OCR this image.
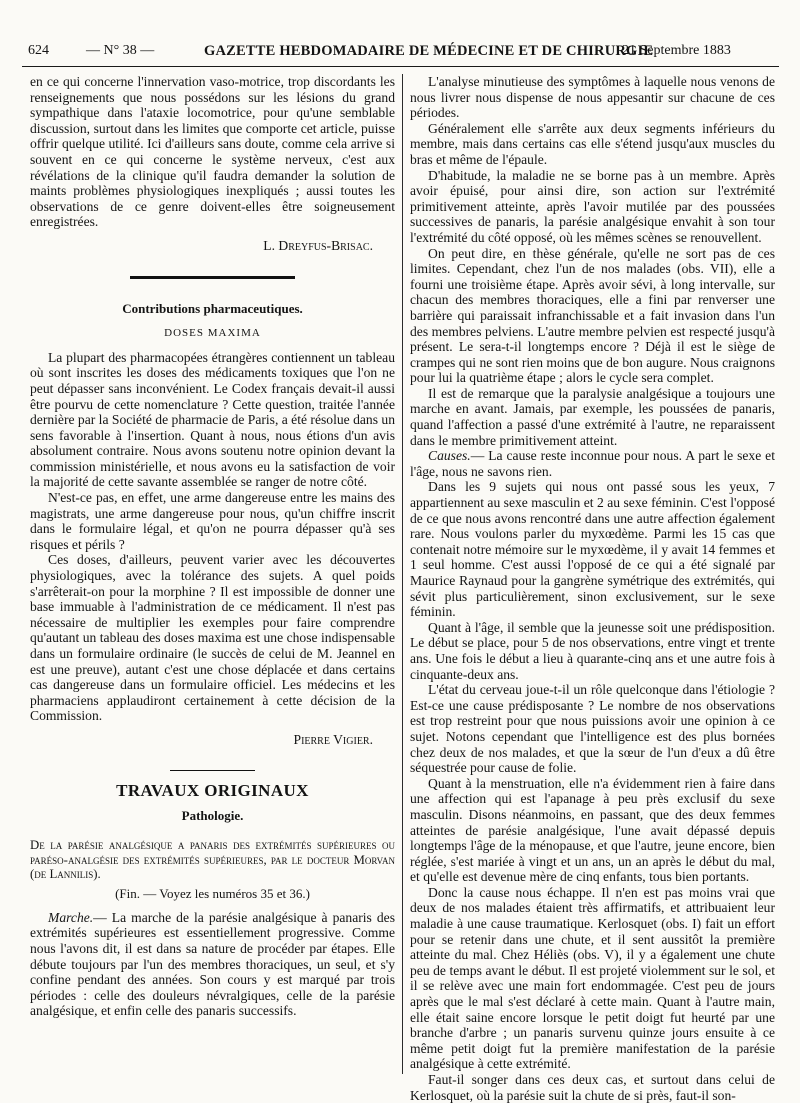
624	— N° 38 —	GAZETTE HEBDOMADAIRE DE MÉDECINE ET DE CHIRURGIE
21 Septembre 1883

en ce qui concerne l'innervation vaso-motrice, trop discordants les renseignements que nous possédons sur les lésions du grand sympathique dans l'ataxie locomotrice, pour qu'une semblable discussion, surtout dans les limites que comporte cet article, puisse offrir quelque utilité. Ici d'ailleurs sans doute, comme cela arrive si souvent en ce qui concerne le système nerveux, c'est aux révélations de la clinique qu'il faudra demander la solution de maints problèmes physiologiques inexpliqués ; aussi toutes les observations de ce genre doivent-elles être soigneusement enregistrées.

L. Dreyfus-Brisac.

Contributions pharmaceutiques.
DOSES MAXIMA

La plupart des pharmacopées étrangères contiennent un tableau où sont inscrites les doses des médicaments toxiques que l'on ne peut dépasser sans inconvénient. Le Codex français devait-il aussi être pourvu de cette nomenclature ? Cette question, traitée l'année dernière par la Société de pharmacie de Paris, a été résolue dans un sens favorable à l'insertion. Quant à nous, nous étions d'un avis absolument contraire. Nous avons soutenu notre opinion devant la commission ministérielle, et nous avons eu la satisfaction de voir la majorité de cette savante assemblée se ranger de notre côté.

N'est-ce pas, en effet, une arme dangereuse entre les mains des magistrats, une arme dangereuse pour nous, qu'un chiffre inscrit dans le formulaire légal, et qu'on ne pourra dépasser qu'à ses risques et périls ?

Ces doses, d'ailleurs, peuvent varier avec les découvertes physiologiques, avec la tolérance des sujets. A quel poids s'arrêterait-on pour la morphine ? Il est impossible de donner une base immuable à l'administration de ce médicament. Il n'est pas nécessaire de multiplier les exemples pour faire comprendre qu'autant un tableau des doses maxima est une chose indispensable dans un formulaire ordinaire (le succès de celui de M. Jeannel en est une preuve), autant c'est une chose déplacée et dans certains cas dangereuse dans un formulaire officiel. Les médecins et les pharmaciens applaudiront certainement à cette décision de la Commission.

Pierre Vigier.

TRAVAUX ORIGINAUX
Pathologie.

De la parésie analgésique a panaris des extrémités supérieures ou paréso-analgésie des extrémités supérieures, par le docteur Morvan (de Lannilis).

(Fin. — Voyez les numéros 35 et 36.)

Marche.— La marche de la parésie analgésique à panaris des extrémités supérieures est essentiellement progressive. Comme nous l'avons dit, il est dans sa nature de procéder par étapes. Elle débute toujours par l'un des membres thoraciques, un seul, et s'y confine pendant des années. Son cours y est marqué par trois périodes : celle des douleurs névralgiques, celle de la parésie analgésique, et enfin celle des panaris successifs.

L'analyse minutieuse des symptômes à laquelle nous venons de nous livrer nous dispense de nous appesantir sur chacune de ces périodes.

Généralement elle s'arrête aux deux segments inférieurs du membre, mais dans certains cas elle s'étend jusqu'aux muscles du bras et même de l'épaule.

D'habitude, la maladie ne se borne pas à un membre. Après avoir épuisé, pour ainsi dire, son action sur l'extrémité primitivement atteinte, après l'avoir mutilée par des poussées successives de panaris, la parésie analgésique envahit à son tour l'extrémité du côté opposé, où les mêmes scènes se renouvellent.

On peut dire, en thèse générale, qu'elle ne sort pas de ces limites. Cependant, chez l'un de nos malades (obs. VII), elle a fourni une troisième étape. Après avoir sévi, à long intervalle, sur chacun des membres thoraciques, elle a fini par renverser une barrière qui paraissait infranchissable et a fait invasion dans l'un des membres pelviens. L'autre membre pelvien est respecté jusqu'à présent. Le sera-t-il longtemps encore ? Déjà il est le siège de crampes qui ne sont rien moins que de bon augure. Nous craignons pour lui la quatrième étape ; alors le cycle sera complet.

Il est de remarque que la paralysie analgésique a toujours une marche en avant. Jamais, par exemple, les poussées de panaris, quand l'affection a passé d'une extrémité à l'autre, ne reparaissent dans le membre primitivement atteint.

Causes.— La cause reste inconnue pour nous. A part le sexe et l'âge, nous ne savons rien.

Dans les 9 sujets qui nous ont passé sous les yeux, 7 appartiennent au sexe masculin et 2 au sexe féminin. C'est l'opposé de ce que nous avons rencontré dans une autre affection également rare. Nous voulons parler du myxœdème. Parmi les 15 cas que contenait notre mémoire sur le myxœdème, il y avait 14 femmes et 1 seul homme. C'est aussi l'opposé de ce qui a été signalé par Maurice Raynaud pour la gangrène symétrique des extrémités, qui sévit plus particulièrement, sinon exclusivement, sur le sexe féminin.

Quant à l'âge, il semble que la jeunesse soit une prédisposition. Le début se place, pour 5 de nos observations, entre vingt et trente ans. Une fois le début a lieu à quarante-cinq ans et une autre fois à cinquante-deux ans.

L'état du cerveau joue-t-il un rôle quelconque dans l'étiologie ? Est-ce une cause prédisposante ? Le nombre de nos observations est trop restreint pour que nous puissions avoir une opinion à ce sujet. Notons cependant que l'intelligence est des plus bornées chez deux de nos malades, et que la sœur de l'un d'eux a dû être séquestrée pour cause de folie.

Quant à la menstruation, elle n'a évidemment rien à faire dans une affection qui est l'apanage à peu près exclusif du sexe masculin. Disons néanmoins, en passant, que des deux femmes atteintes de parésie analgésique, l'une avait dépassé depuis longtemps l'âge de la ménopause, et que l'autre, jeune encore, bien réglée, s'est mariée à vingt et un ans, un an après le début du mal, et qu'elle est devenue mère de cinq enfants, tous bien portants.

Donc la cause nous échappe. Il n'en est pas moins vrai que deux de nos malades étaient très affirmatifs, et attribuaient leur maladie à une cause traumatique. Kerlosquet (obs. I) fait un effort pour se retenir dans une chute, et il sent aussitôt la première atteinte du mal. Chez Héliès (obs. V), il y a également une chute peu de temps avant le début. Il est projeté violemment sur le sol, et il se relève avec une main fort endommagée. C'est peu de jours après que le mal s'est déclaré à cette main. Quant à l'autre main, elle était saine encore lorsque le petit doigt fut heurté par une branche d'arbre ; un panaris survenu quinze jours ensuite à ce même petit doigt fut la première manifestation de la parésie analgésique à cette extrémité.

Faut-il songer dans ces deux cas, et surtout dans celui de Kerlosquet, où la parésie suit la chute de si près, faut-il son-
